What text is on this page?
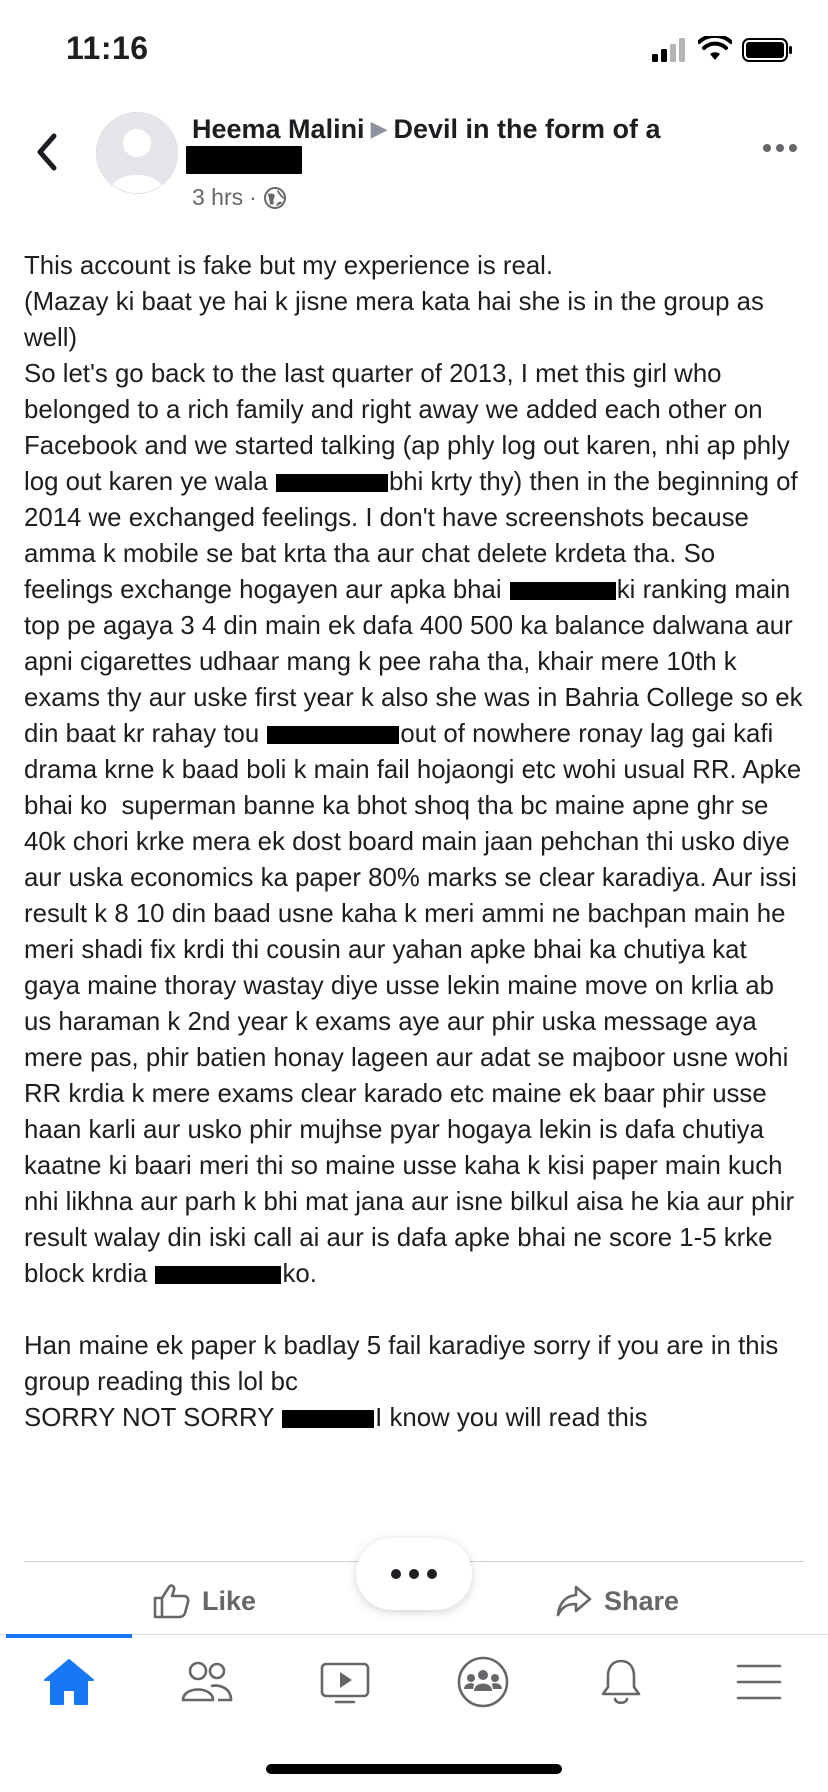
11:16
Heema Malini ▶ Devil in the form of a
3 hrs ·

This account is fake but my experience is real.

(Mazay ki baat ye hai k jisne mera kata hai she is in the group as well)

So let's go back to the last quarter of 2013, I met this girl who belonged to a rich family and right away we added each other on Facebook and we started talking (ap phly log out karen, nhi ap phly log out karen ye wala	bhi krty thy) then in the beginning of 2014 we exchanged feelings. I don't have screenshots because amma k mobile se bat krta tha aur chat delete krdeta tha. So feelings exchange hogayen aur apka bhai	ki ranking main top pe agaya 3 4 din main ek dafa 400 500 ka balance dalwana aur apni cigarettes udhaar mang k pee raha tha, khair mere 10th k exams thy aur uske first year k also she was in Bahria College so ek din baat kr rahay tou	out of nowhere ronay lag gai kafi drama krne k baad boli k main fail hojaongi etc wohi usual RR. Apke bhai ko  superman banne ka bhot shoq tha bc maine apne ghr se 40k chori krke mera ek dost board main jaan pehchan thi usko diye aur uska economics ka paper 80% marks se clear karadiya. Aur issi result k 8 10 din baad usne kaha k meri ammi ne bachpan main he meri shadi fix krdi thi cousin aur yahan apke bhai ka chutiya kat gaya maine thoray wastay diye usse lekin maine move on krlia ab us haraman k 2nd year k exams aye aur phir uska message aya mere pas, phir batien honay lageen aur adat se majboor usne wohi RR krdia k mere exams clear karado etc maine ek baar phir usse haan karli aur usko phir mujhse pyar hogaya lekin is dafa chutiya kaatne ki baari meri thi so maine usse kaha k kisi paper main kuch nhi likhna aur parh k bhi mat jana aur isne bilkul aisa he kia aur phir result walay din iski call ai aur is dafa apke bhai ne score 1-5 krke block krdia	ko.

Han maine ek paper k badlay 5 fail karadiye sorry if you are in this group reading this lol bc

SORRY NOT SORRY	I know you will read this

Like	Share
